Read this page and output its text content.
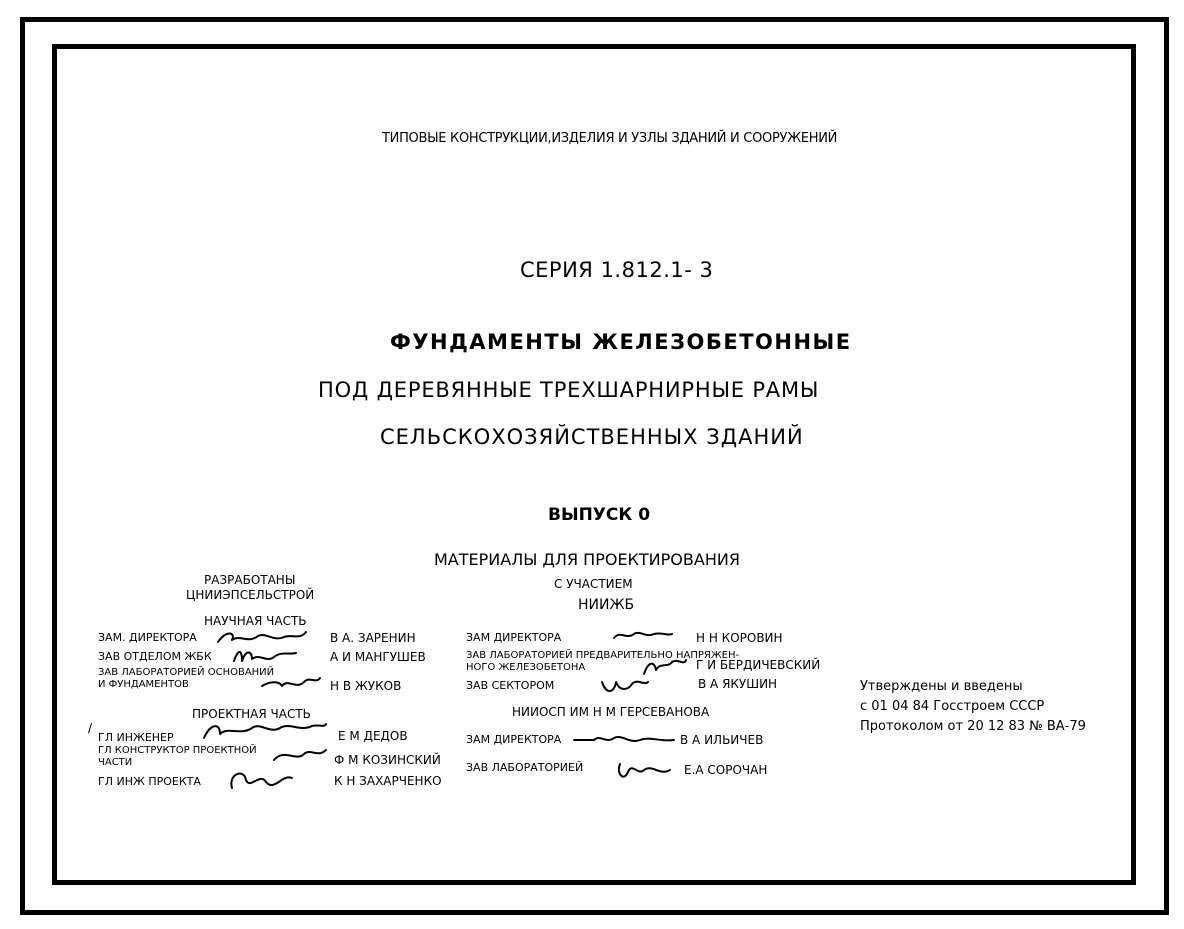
ТИПОВЫЕ КОНСТРУКЦИИ,ИЗДЕЛИЯ И УЗЛЫ ЗДАНИЙ И СООРУЖЕНИЙ
СЕРИЯ 1.812.1- 3
ФУНДАМЕНТЫ ЖЕЛЕЗОБЕТОННЫЕ
ПОД ДЕРЕВЯННЫЕ ТРЕХШАРНИРНЫЕ РАМЫ
СЕЛЬСКОХОЗЯЙСТВЕННЫХ ЗДАНИЙ
ВЫПУСК 0
МАТЕРИАЛЫ ДЛЯ ПРОЕКТИРОВАНИЯ
РАЗРАБОТАНЫ
ЦНИИЭПСЕЛЬСТРОЙ
НАУЧНАЯ ЧАСТЬ
ЗАМ. ДИРЕКТОРА	В А. ЗАРЕНИН
ЗАВ ОТДЕЛОМ ЖБК	А И МАНГУШЕВ
ЗАВ ЛАБОРАТОРИЕЙ ОСНОВАНИЙ
И ФУНДАМЕНТОВ	Н В ЖУКОВ
ПРОЕКТНАЯ ЧАСТЬ
/
ГЛ ИНЖЕНЕР	Е М ДЕДОВ
ГЛ КОНСТРУКТОР ПРОЕКТНОЙ
ЧАСТИ	Ф М КОЗИНСКИЙ
ГЛ ИНЖ ПРОЕКТА	К Н ЗАХАРЧЕНКО
С УЧАСТИЕМ
НИИЖБ
ЗАМ ДИРЕКТОРА	Н Н КОРОВИН
ЗАВ ЛАБОРАТОРИЕЙ ПРЕДВАРИТЕЛЬНО НАПРЯЖЕН-
НОГО ЖЕЛЕЗОБЕТОНА	Г И БЕРДИЧЕВСКИЙ
ЗАВ СЕКТОРОМ	В А ЯКУШИН
НИИОСП ИМ Н М ГЕРСЕВАНОВА
ЗАМ ДИРЕКТОРА	В А ИЛЬИЧЕВ
ЗАВ ЛАБОРАТОРИЕЙ	Е.А СОРОЧАН
Утверждены и введены
с 01 04 84 Госстроем СССР
Протоколом от 20 12 83 № ВА-79
